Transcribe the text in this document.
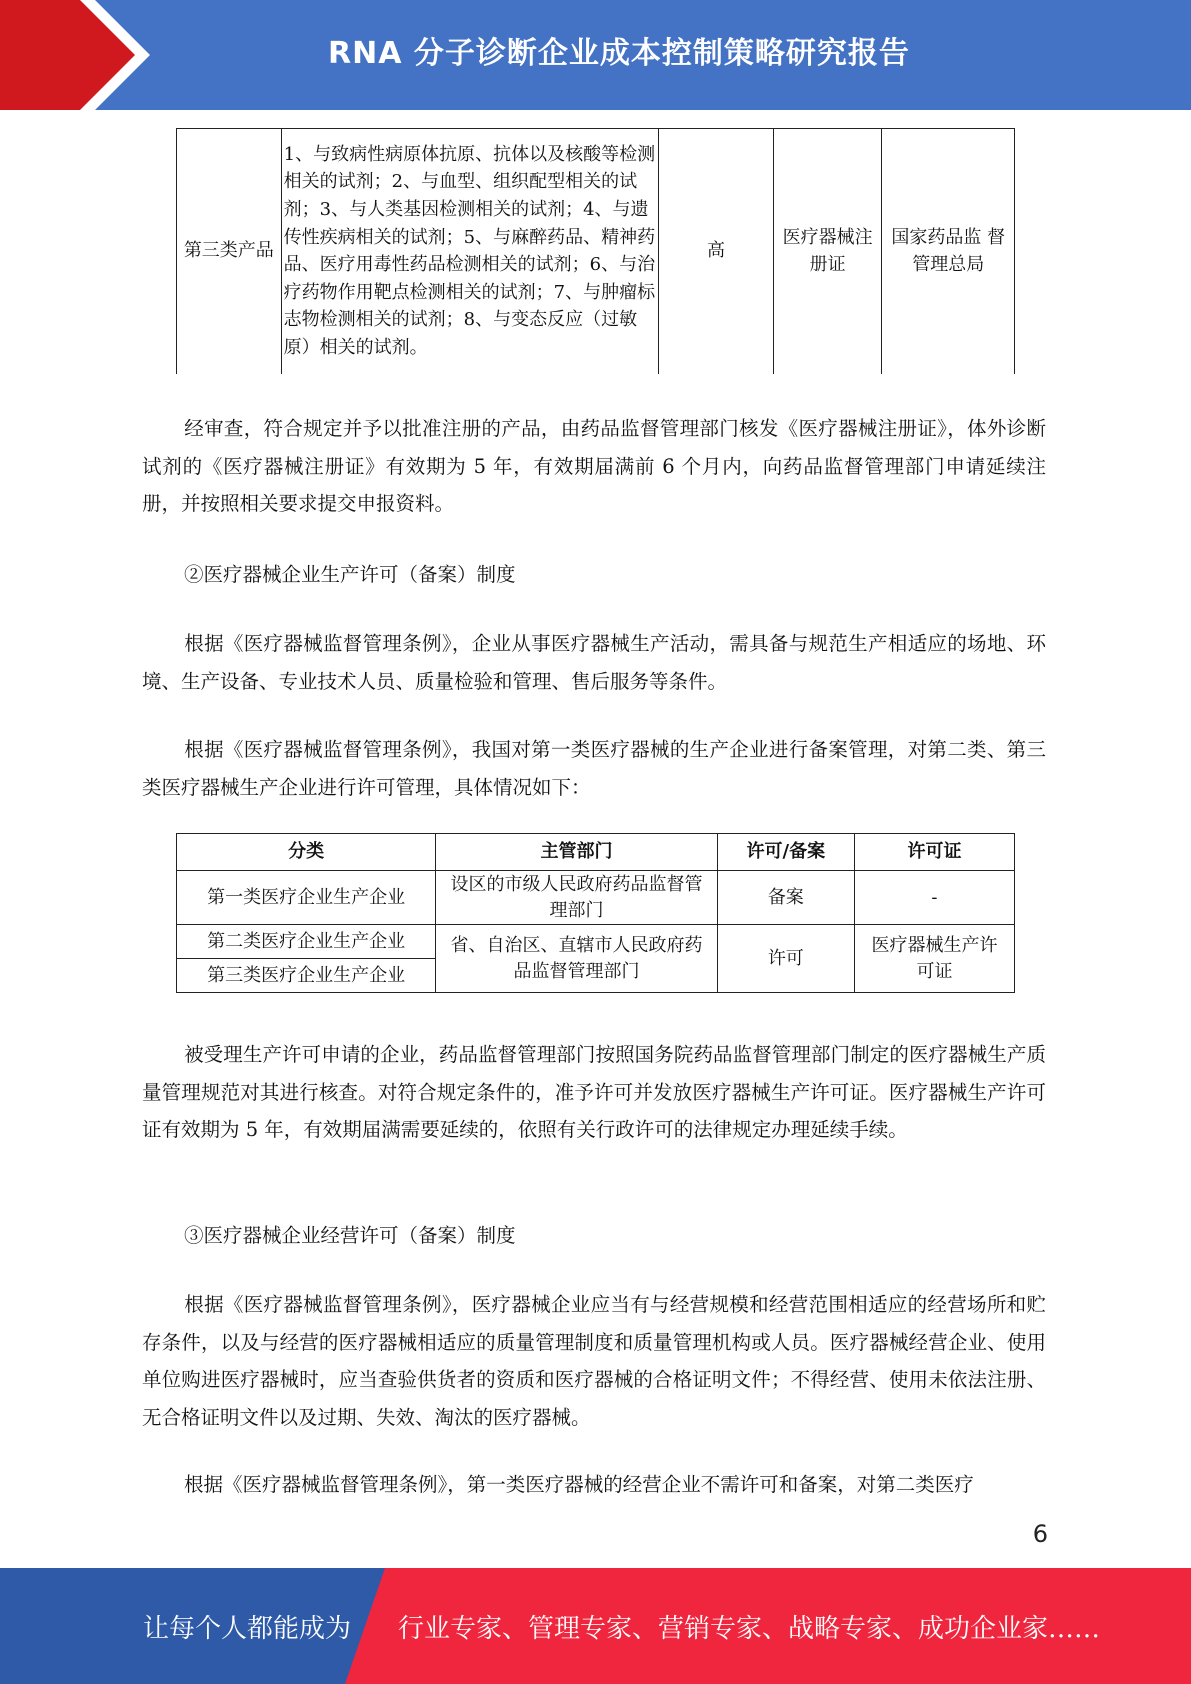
RNA 分子诊断企业成本控制策略研究报告
第三类产品	1、与致病性病原体抗原、抗体以及核酸等检测相关的试剂；2、与血型、组织配型相关的试剂；3、与人类基因检测相关的试剂；4、与遗传性疾病相关的试剂；5、与麻醉药品、精神药品、医疗用毒性药品检测相关的试剂；6、与治疗药物作用靶点检测相关的试剂；7、与肿瘤标志物检测相关的试剂；8、与变态反应（过敏原）相关的试剂。	高	医疗器械注册证	国家药品监 督管理总局
经审查，符合规定并予以批准注册的产品，由药品监督管理部门核发《医疗器械注册证》，体外诊断试剂的《医疗器械注册证》有效期为 5 年，有效期届满前 6 个月内，向药品监督管理部门申请延续注册，并按照相关要求提交申报资料。
②医疗器械企业生产许可（备案）制度
根据《医疗器械监督管理条例》，企业从事医疗器械生产活动，需具备与规范生产相适应的场地、环境、生产设备、专业技术人员、质量检验和管理、售后服务等条件。
根据《医疗器械监督管理条例》，我国对第一类医疗器械的生产企业进行备案管理，对第二类、第三类医疗器械生产企业进行许可管理，具体情况如下：
分类	主管部门	许可/备案	许可证
第一类医疗企业生产企业	设区的市级人民政府药品监督管理部门	备案	-
第二类医疗企业生产企业	省、自治区、直辖市人民政府药品监督管理部门	许可	医疗器械生产许可证
第三类医疗企业生产企业			
被受理生产许可申请的企业，药品监督管理部门按照国务院药品监督管理部门制定的医疗器械生产质量管理规范对其进行核查。对符合规定条件的，准予许可并发放医疗器械生产许可证。医疗器械生产许可证有效期为 5 年，有效期届满需要延续的，依照有关行政许可的法律规定办理延续手续。
③医疗器械企业经营许可（备案）制度
根据《医疗器械监督管理条例》，医疗器械企业应当有与经营规模和经营范围相适应的经营场所和贮存条件，以及与经营的医疗器械相适应的质量管理制度和质量管理机构或人员。医疗器械经营企业、使用单位购进医疗器械时，应当查验供货者的资质和医疗器械的合格证明文件；不得经营、使用未依法注册、无合格证明文件以及过期、失效、淘汰的医疗器械。
根据《医疗器械监督管理条例》，第一类医疗器械的经营企业不需许可和备案，对第二类医疗
6
让每个人都能成为 行业专家、管理专家、营销专家、战略专家、成功企业家……
